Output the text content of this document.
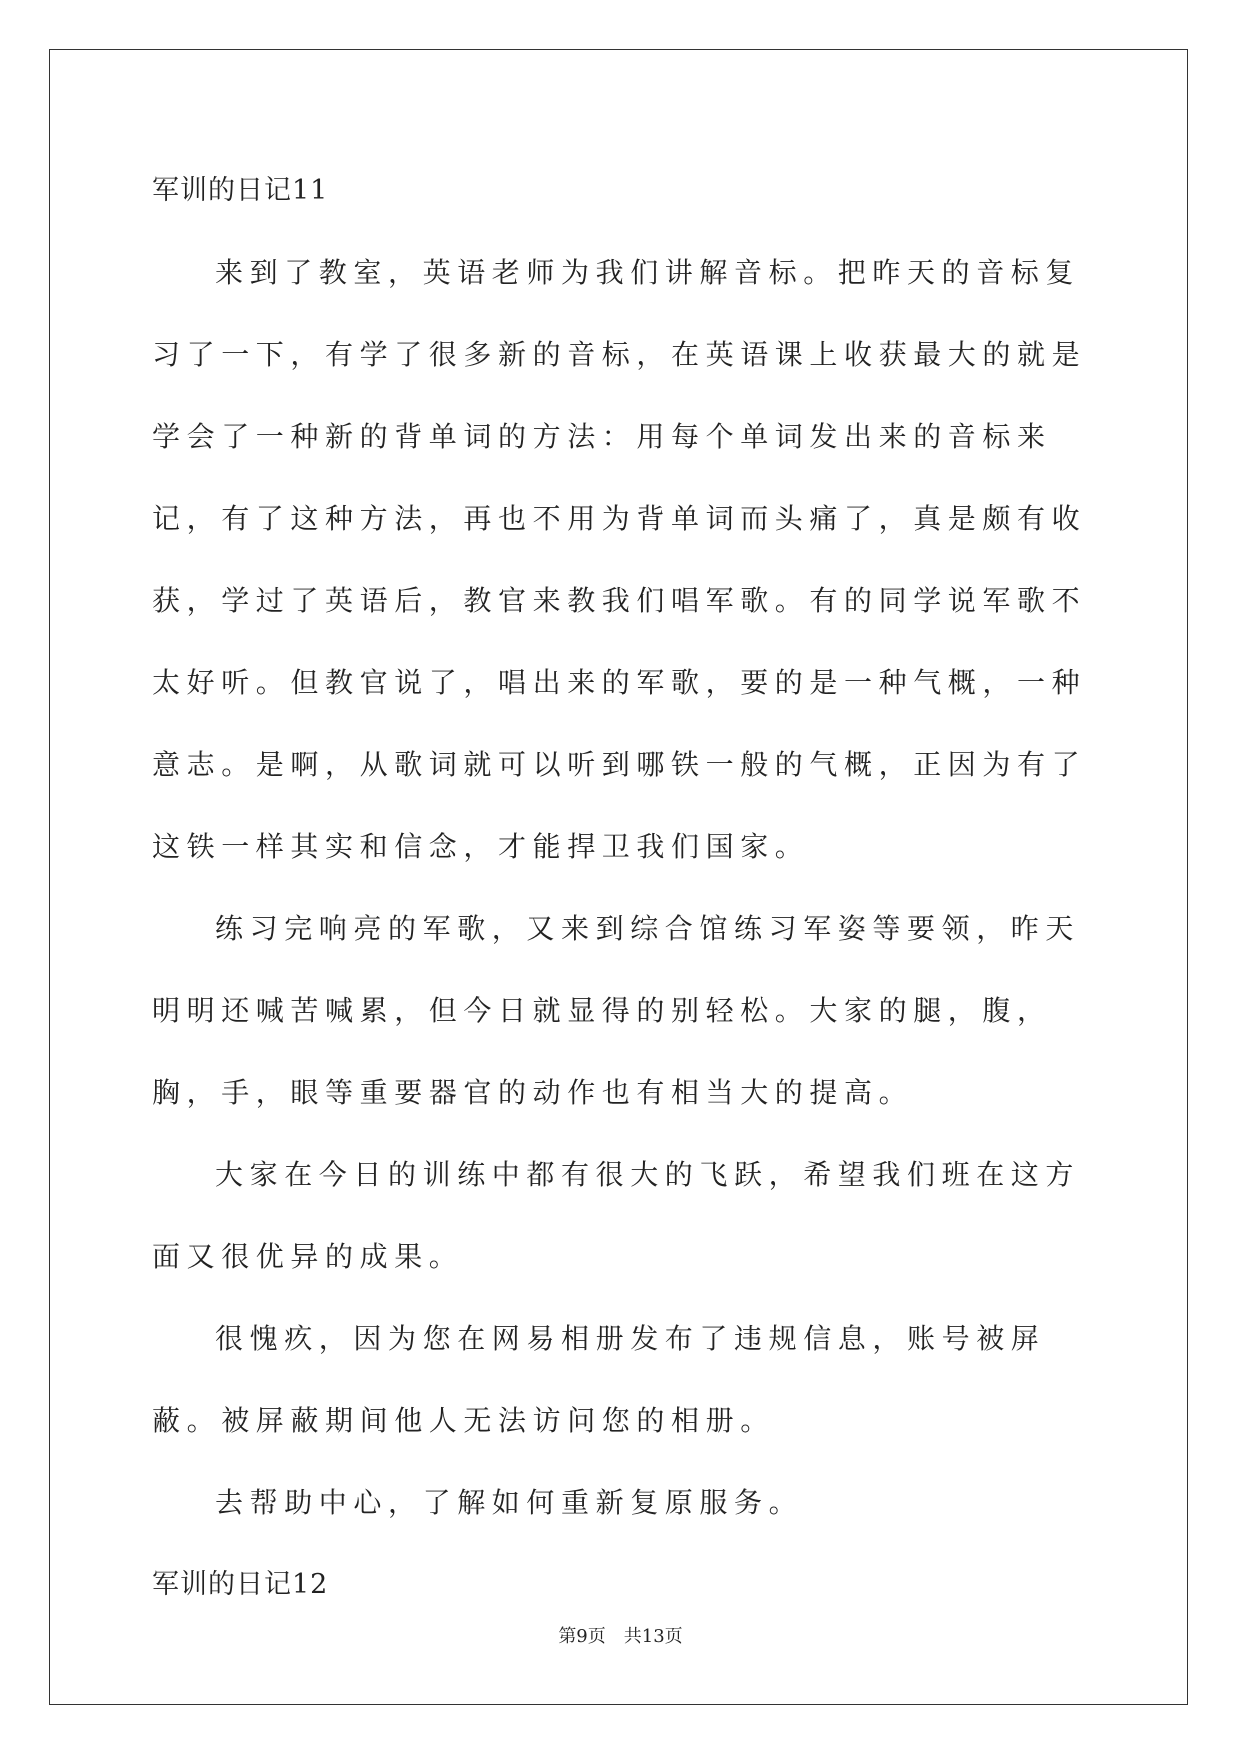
军训的日记11

来到了教室，英语老师为我们讲解音标。把昨天的音标复习了一下，有学了很多新的音标，在英语课上收获最大的就是学会了一种新的背单词的方法：用每个单词发出来的音标来记，有了这种方法，再也不用为背单词而头痛了，真是颇有收获，学过了英语后，教官来教我们唱军歌。有的同学说军歌不太好听。但教官说了，唱出来的军歌，要的是一种气概，一种意志。是啊，从歌词就可以听到哪铁一般的气概，正因为有了这铁一样其实和信念，才能捍卫我们国家。

练习完响亮的军歌，又来到综合馆练习军姿等要领，昨天明明还喊苦喊累，但今日就显得的别轻松。大家的腿，腹，胸，手，眼等重要器官的动作也有相当大的提高。

大家在今日的训练中都有很大的飞跃，希望我们班在这方面又很优异的成果。

很愧疚，因为您在网易相册发布了违规信息，账号被屏蔽。被屏蔽期间他人无法访问您的相册。

去帮助中心，了解如何重新复原服务。

军训的日记12
第9页　共13页
